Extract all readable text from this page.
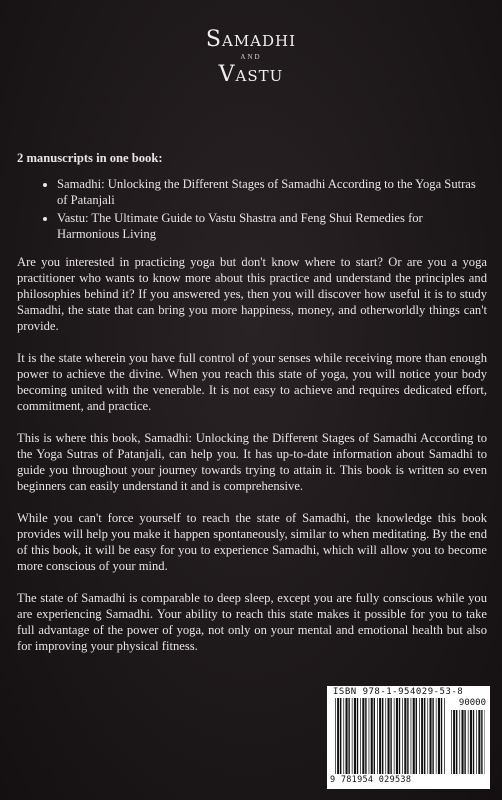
Samadhi
AND
Vastu
2 manuscripts in one book:
• Samadhi: Unlocking the Different Stages of Samadhi According to the Yoga Sutras of Patanjali
• Vastu: The Ultimate Guide to Vastu Shastra and Feng Shui Remedies for Harmonious Living

Are you interested in practicing yoga but don't know where to start? Or are you a yoga practitioner who wants to know more about this practice and understand the principles and philosophies behind it? If you answered yes, then you will discover how useful it is to study Samadhi, the state that can bring you more happiness, money, and otherworldly things can't provide.

It is the state wherein you have full control of your senses while receiving more than enough power to achieve the divine. When you reach this state of yoga, you will notice your body becoming united with the venerable. It is not easy to achieve and requires dedicated effort, commitment, and practice.

This is where this book, Samadhi: Unlocking the Different Stages of Samadhi According to the Yoga Sutras of Patanjali, can help you. It has up-to-date information about Samadhi to guide you throughout your journey towards trying to attain it. This book is written so even beginners can easily understand it and is comprehensive.

While you can't force yourself to reach the state of Samadhi, the knowledge this book provides will help you make it happen spontaneously, similar to when meditating. By the end of this book, it will be easy for you to experience Samadhi, which will allow you to become more conscious of your mind.

The state of Samadhi is comparable to deep sleep, except you are fully conscious while you are experiencing Samadhi. Your ability to reach this state makes it possible for you to take full advantage of the power of yoga, not only on your mental and emotional health but also for improving your physical fitness.

ISBN 978-1-954029-53-8
90000
9 781954 029538
